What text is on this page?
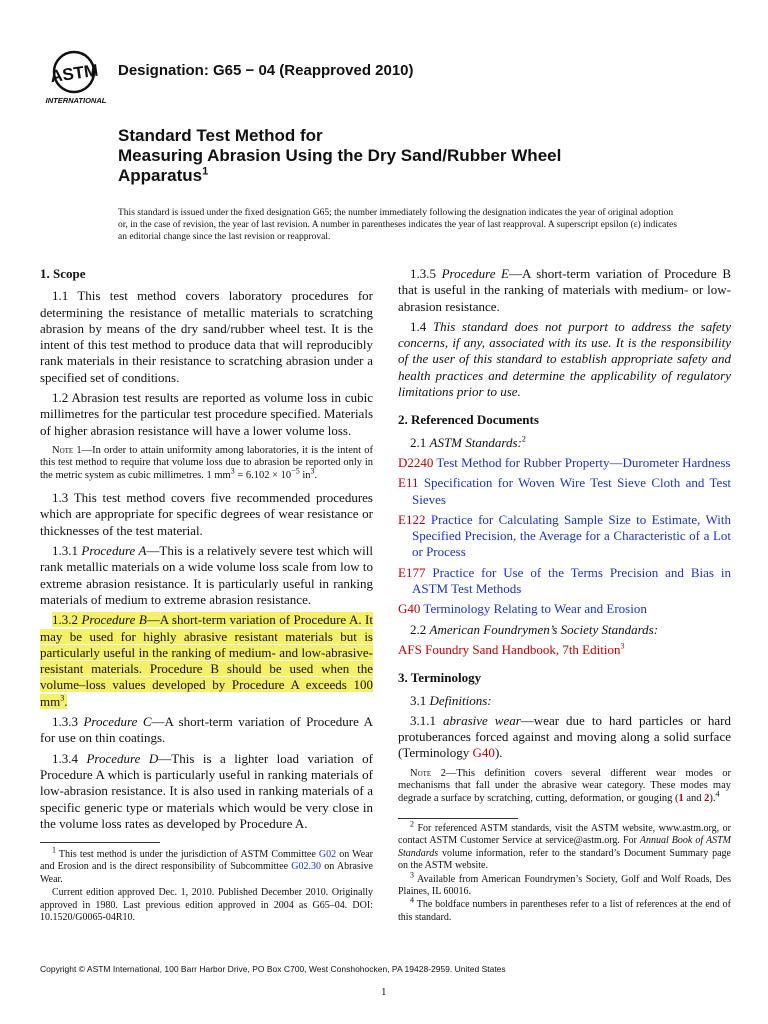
ASTM
INTERNATIONAL
Designation: G65 − 04 (Reapproved 2010)
Standard Test Method for
Measuring Abrasion Using the Dry Sand/Rubber Wheel
Apparatus$^1$
This standard is issued under the fixed designation G65; the number immediately following the designation indicates the year of original adoption or, in the case of revision, the year of last revision. A number in parentheses indicates the year of last reapproval. A superscript epsilon (ε) indicates an editorial change since the last revision or reapproval.
1. Scope

1.1 This test method covers laboratory procedures for determining the resistance of metallic materials to scratching abrasion by means of the dry sand/rubber wheel test. It is the intent of this test method to produce data that will reproducibly rank materials in their resistance to scratching abrasion under a specified set of conditions.

1.2 Abrasion test results are reported as volume loss in cubic millimetres for the particular test procedure specified. Materials of higher abrasion resistance will have a lower volume loss.

Note 1—In order to attain uniformity among laboratories, it is the intent of this test method to require that volume loss due to abrasion be reported only in the metric system as cubic millimetres. 1 $mm^3 = 6.102 \times 10^{-5}$ $in^3$.

1.3 This test method covers five recommended procedures which are appropriate for specific degrees of wear resistance or thicknesses of the test material.

1.3.1 Procedure A—This is a relatively severe test which will rank metallic materials on a wide volume loss scale from low to extreme abrasion resistance. It is particularly useful in ranking materials of medium to extreme abrasion resistance.

1.3.2 Procedure B—A short-term variation of Procedure A. It may be used for highly abrasive resistant materials but is particularly useful in the ranking of medium- and low-abrasive-resistant materials. Procedure B should be used when the volume–loss values developed by Procedure A exceeds 100 $mm^3$.

1.3.3 Procedure C—A short-term variation of Procedure A for use on thin coatings.

1.3.4 Procedure D—This is a lighter load variation of Procedure A which is particularly useful in ranking materials of low-abrasion resistance. It is also used in ranking materials of a specific generic type or materials which would be very close in the volume loss rates as developed by Procedure A.

$^1$ This test method is under the jurisdiction of ASTM Committee G02 on Wear and Erosion and is the direct responsibility of Subcommittee G02.30 on Abrasive Wear.

Current edition approved Dec. 1, 2010. Published December 2010. Originally approved in 1980. Last previous edition approved in 2004 as G65–04. DOI: 10.1520/G0065-04R10.

1.3.5 Procedure E—A short-term variation of Procedure B that is useful in the ranking of materials with medium- or low-abrasion resistance.

1.4 This standard does not purport to address the safety concerns, if any, associated with its use. It is the responsibility of the user of this standard to establish appropriate safety and health practices and determine the applicability of regulatory limitations prior to use.

2. Referenced Documents

2.1 ASTM Standards:$^2$

D2240 Test Method for Rubber Property—Durometer Hardness

E11 Specification for Woven Wire Test Sieve Cloth and Test Sieves

E122 Practice for Calculating Sample Size to Estimate, With Specified Precision, the Average for a Characteristic of a Lot or Process

E177 Practice for Use of the Terms Precision and Bias in ASTM Test Methods

G40 Terminology Relating to Wear and Erosion

2.2 American Foundrymen’s Society Standards:

AFS Foundry Sand Handbook, 7th Edition$^3$

3. Terminology

3.1 Definitions:

3.1.1 abrasive wear—wear due to hard particles or hard protuberances forced against and moving along a solid surface (Terminology G40).

Note 2—This definition covers several different wear modes or mechanisms that fall under the abrasive wear category. These modes may degrade a surface by scratching, cutting, deformation, or gouging (1 and 2).$^4$

$^2$ For referenced ASTM standards, visit the ASTM website, www.astm.org, or contact ASTM Customer Service at service@astm.org. For Annual Book of ASTM Standards volume information, refer to the standard’s Document Summary page on the ASTM website.

$^3$ Available from American Foundrymen’s Society, Golf and Wolf Roads, Des Plaines, IL 60016.

$^4$ The boldface numbers in parentheses refer to a list of references at the end of this standard.

Copyright © ASTM International, 100 Barr Harbor Drive, PO Box C700, West Conshohocken, PA 19428-2959. United States
1
